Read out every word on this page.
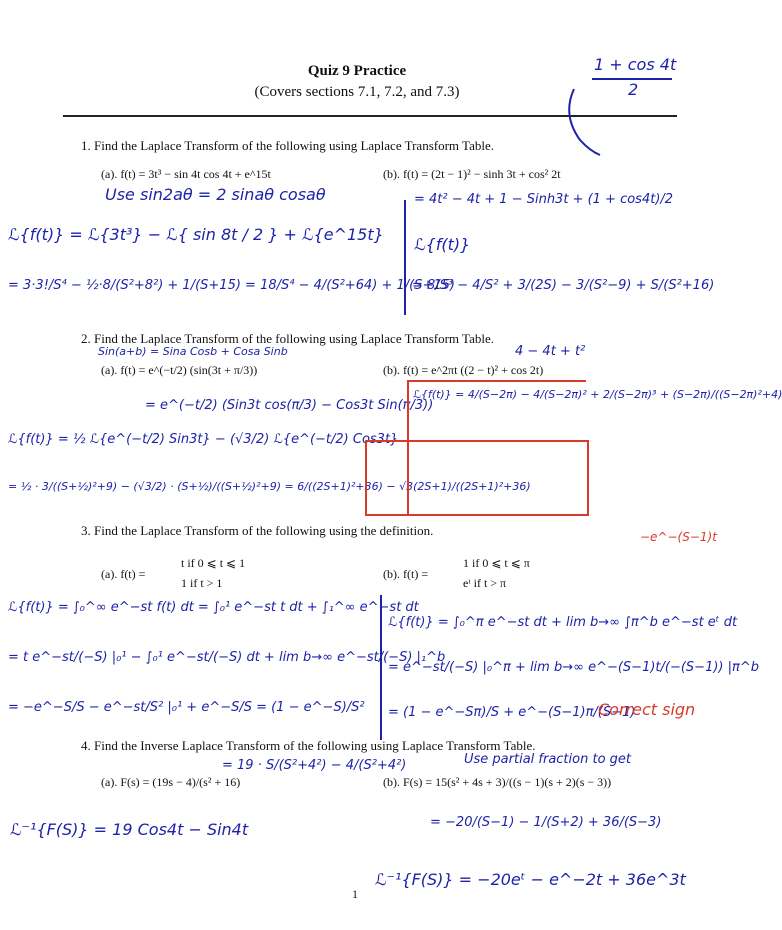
Quiz 9 Practice
(Covers sections 7.1, 7.2, and 7.3)
1 + cos 4t
2
1. Find the Laplace Transform of the following using Laplace Transform Table.
(a). f(t) = 3t³ − sin 4t cos 4t + e^15t	(b). f(t) = (2t − 1)² − sinh 3t + cos² 2t
Use sin2aθ = 2 sinaθ cosaθ
ℒ{f(t)} = ℒ{3t³} − ℒ{ sin 8t / 2 } + ℒ{e^15t}
= 3·3!/S⁴ − ½·8/(S²+8²) + 1/(S+15) = 18/S⁴ − 4/(S²+64) + 1/(S+15)
= 4t² − 4t + 1 − Sinh3t + (1 + cos4t)/2
ℒ{f(t)}
= 8/S³ − 4/S² + 3/(2S) − 3/(S²−9) + S/(S²+16)
2. Find the Laplace Transform of the following using Laplace Transform Table.
Sin(a+b) = Sina Cosb + Cosa Sinb	4 − 4t + t²
(a). f(t) = e^(−t/2) (sin(3t + π/3))	(b). f(t) = e^2πt ((2 − t)² + cos 2t)
= e^(−t/2) (Sin3t cos(π/3) − Cos3t Sin(π/3))
ℒ{f(t)} = ½ ℒ{e^(−t/2) Sin3t} − (√3/2) ℒ{e^(−t/2) Cos3t}
= ½ · 3/((S+½)²+9) − (√3/2) · (S+½)/((S+½)²+9) = 6/((2S+1)²+36) − √3(2S+1)/((2S+1)²+36)
ℒ{f(t)} = 4/(S−2π) − 4/(S−2π)² + 2/(S−2π)³ + (S−2π)/((S−2π)²+4)
3. Find the Laplace Transform of the following using the definition.	−e^−(S−1)t
(a). f(t) =
t if 0 ⩽ t ⩽ 1
1 if t > 1
(b). f(t) =
1 if 0 ⩽ t ⩽ π
eᵗ if t > π
ℒ{f(t)} = ∫₀^∞ e^−st f(t) dt = ∫₀¹ e^−st t dt + ∫₁^∞ e^−st dt
= t e^−st/(−S) |₀¹ − ∫₀¹ e^−st/(−S) dt + lim b→∞ e^−st/(−S) |₁^b
= −e^−S/S − e^−st/S² |₀¹ + e^−S/S = (1 − e^−S)/S²
ℒ{f(t)} = ∫₀^π e^−st dt + lim b→∞ ∫π^b e^−st eᵗ dt
= e^−st/(−S) |₀^π + lim b→∞ e^−(S−1)t/(−(S−1)) |π^b
= (1 − e^−Sπ)/S + e^−(S−1)π/(S−1)
Correct sign
4. Find the Inverse Laplace Transform of the following using Laplace Transform Table.
(a). F(s) = (19s − 4)/(s² + 16)	(b). F(s) = 15(s² + 4s + 3)/((s − 1)(s + 2)(s − 3))
Use partial fraction to get
= 19 · S/(S²+4²) − 4/(S²+4²)
ℒ⁻¹{F(S)} = 19 Cos4t − Sin4t	= −20/(S−1) − 1/(S+2) + 36/(S−3)
ℒ⁻¹{F(S)} = −20eᵗ − e^−2t + 36e^3t
1
